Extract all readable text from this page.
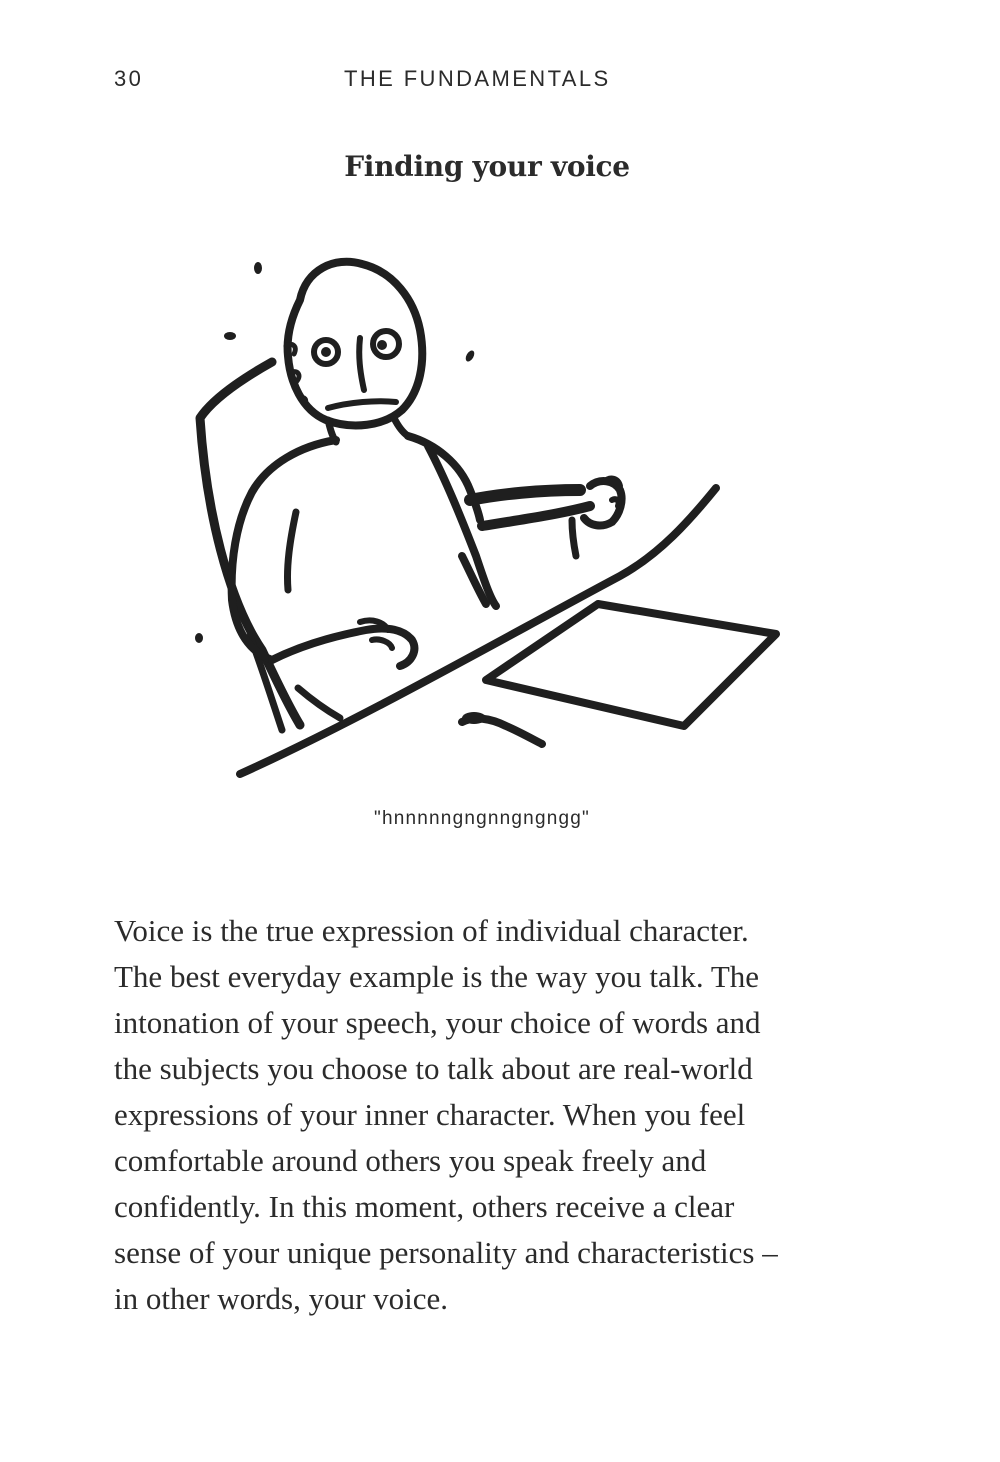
30	THE FUNDAMENTALS
Finding your voice
"hnnnnngngnngngngg"

Voice is the true expression of individual character.
The best everyday example is the way you talk. The
intonation of your speech, your choice of words and
the subjects you choose to talk about are real-world
expressions of your inner character. When you feel
comfortable around others you speak freely and
confidently. In this moment, others receive a clear
sense of your unique personality and characteristics –
in other words, your voice.
